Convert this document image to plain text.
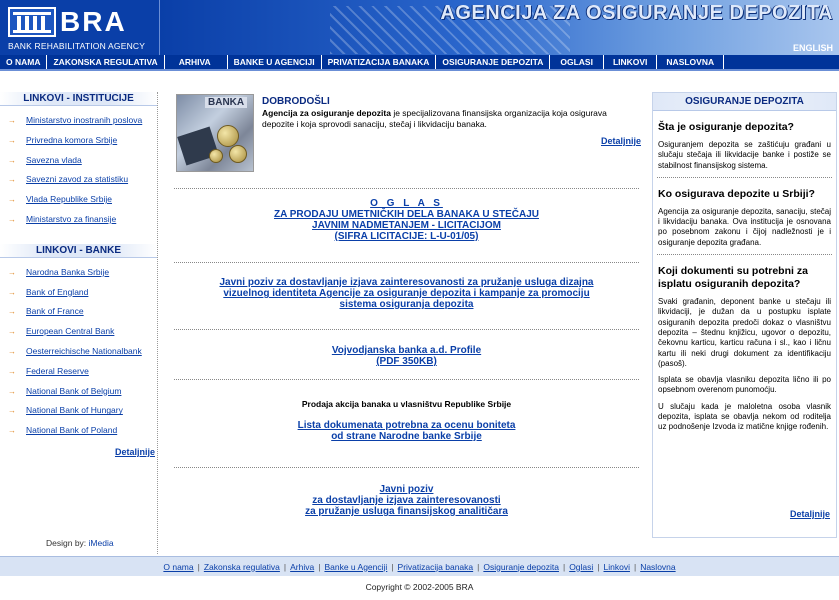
BRA
BANK REHABILITATION AGENCY
AGENCIJA ZA OSIGURANJE DEPOZITA
ENGLISH
O NAMA	ZAKONSKA REGULATIVA	ARHIVA	BANKE U AGENCIJI	PRIVATIZACIJA BANAKA	OSIGURANJE DEPOZITA	OGLASI	LINKOVI	NASLOVNA
LINKOVI - INSTITUCIJE
→ Ministarstvo inostranih poslova
→ Privredna komora Srbije
→ Savezna vlada
→ Savezni zavod za statistiku
→ Vlada Republike Srbije
→ Ministarstvo za finansije
LINKOVI - BANKE
→ Narodna Banka Srbije
→ Bank of England
→ Bank of France
→ European Central Bank
→ Oesterreichische Nationalbank
→ Federal Reserve
→ National Bank of Belgium
→ National Bank of Hungary
→ National Bank of Poland
Detaljnije
Design by: iMedia
BANKA	DOBRODOŠLI
Agencija za osiguranje depozita je specijalizovana finansijska organizacija koja osigurava depozite i koja sprovodi sanaciju, stečaj i likvidaciju banaka.
Detaljnije
O G L A S
ZA PRODAJU UMETNIČKIH DELA BANAKA U STEČAJU
JAVNIM NADMETANJEM - LICITACIJOM
(SIFRA LICITACIJE: L-U-01/05)
Javni poziv za dostavljanje izjava zainteresovanosti za pružanje usluga dizajna
vizuelnog identiteta Agencije za osiguranje depozita i kampanje za promociju
sistema osiguranja depozita
Vojvodjanska banka a.d. Profile
(PDF 350KB)
Prodaja akcija banaka u vlasništvu Republike Srbije
Lista dokumenata potrebna za ocenu boniteta
od strane Narodne banke Srbije
Javni poziv
za dostavljanje izjava zainteresovanosti
za pružanje usluga finansijskog analitičara
OSIGURANJE DEPOZITA
Šta je osiguranje depozita?
Osiguranjem depozita se zaštićuju građani u slučaju stečaja ili likvidacije banke i postiže se stabilnost finansijskog sistema.
Ko osigurava depozite u Srbiji?
Agencija za osiguranje depozita, sanaciju, stečaj i likvidaciju banaka. Ova institucija je osnovana po posebnom zakonu i čijoj nadležnosti je i osiguranje depozita građana.
Koji dokumenti su potrebni za isplatu osiguranih depozita?
Svaki građanin, deponent banke u stečaju ili likvidaciji, je dužan da u postupku isplate osiguranih depozita predoči dokaz o vlasništvu depozita – štednu knjižicu, ugovor o depozitu, čekovnu karticu, karticu računa i sl., kao i ličnu kartu ili neki drugi dokument za identifikaciju (pasoš).
Isplata se obavlja vlasniku depozita lično ili po opsebnom overenom punomoćju.
U slučaju kada je maloletna osoba vlasnik depozita, isplata se obavlja nekom od roditelja uz podnošenje Izvoda iz matične knjige rođenih.
Detaljnije
O nama | Zakonska regulativa | Arhiva | Banke u Agenciji | Privatizacija banaka | Osiguranje depozita | Oglasi | Linkovi | Naslovna
Copyright © 2002-2005 BRA
